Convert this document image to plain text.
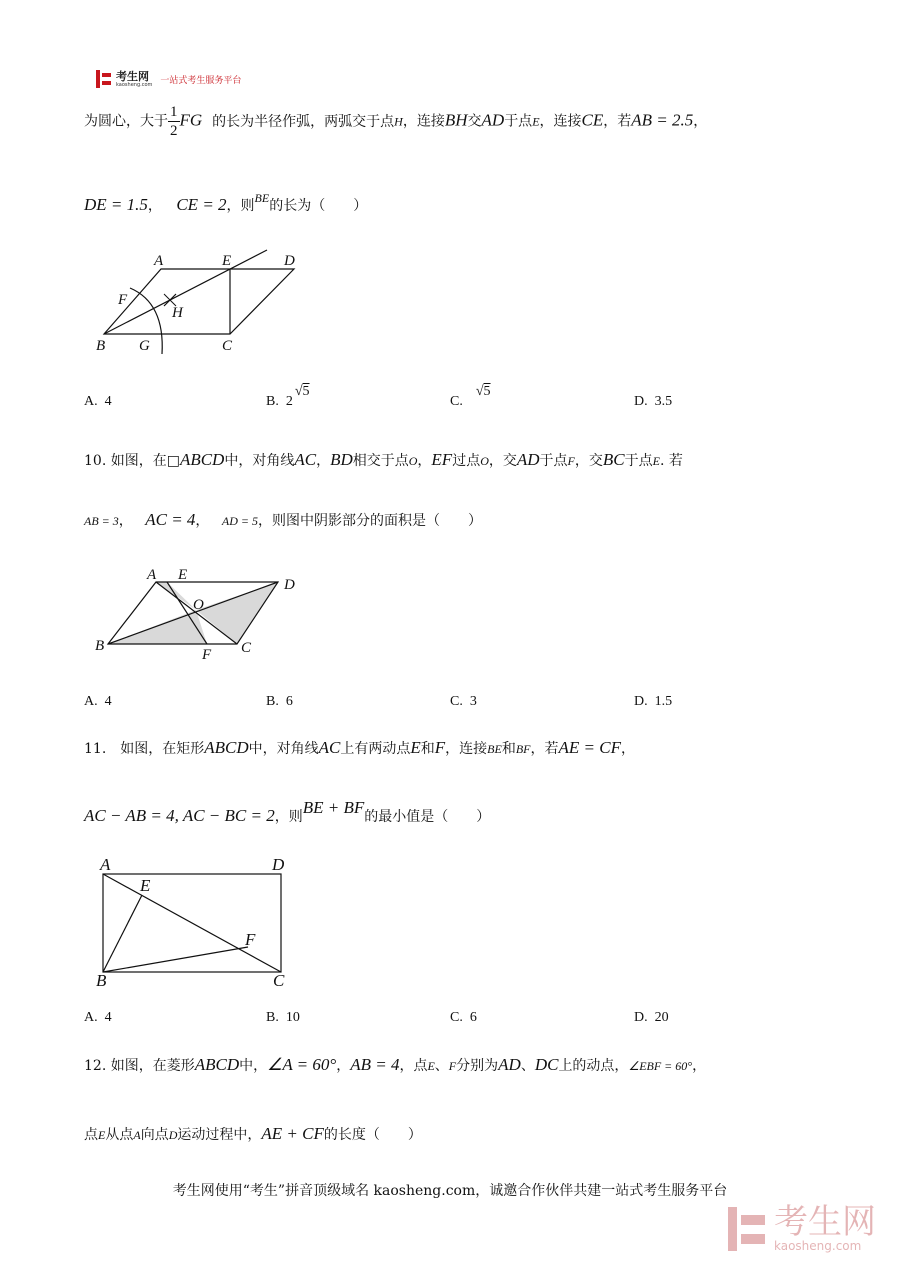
考生网
kaosheng.com 一站式考生服务平台
为圆心，大于 $\frac{1}{2}$ FG 的长为半径作弧，两弧交于点H，连接BH交AD于点E，连接CE，若AB = 2.5，
DE = 1.5， CE = 2，则BE的长为（　　）
A	E	D
F
H
B G	C
A. 4	B. 2√5
C.  √5
D. 3.5
10. 如图，在□ABCD中，对角线AC，BD相交于点O，EF过点O，交AD于点F，交BC于点E. 若
AB = 3， AC = 4， AD = 5，则图中阴影部分的面积是（　　）
A E
D
O
B
F C
A. 4	B. 6	C. 3	D. 1.5
11.　如图，在矩形ABCD中，对角线AC上有两动点E和F，连接BE和BF，若AE = CF，
AC − AB = 4, AC − BC = 2，则BE + BF的最小值是（　　）
A	D
E
F
B	C
A. 4	B. 10	C. 6	D. 20
12. 如图，在菱形ABCD中，∠A = 60°，AB = 4，点E、F分别为AD、DC上的动点，∠EBF = 60°，
点E从点A向点D运动过程中，AE + CF的长度（　　）
考生网使用“考生”拼音顶级域名 kaosheng.com，诚邀合作伙伴共建一站式考生服务平台
考生网
kaosheng.com
